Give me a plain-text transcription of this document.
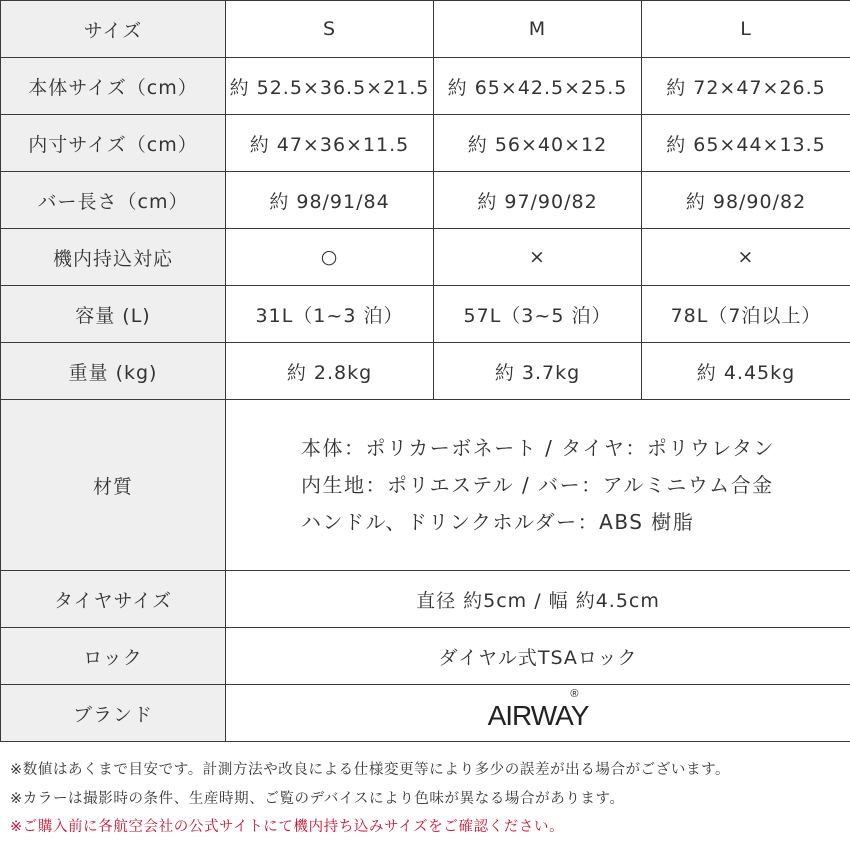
サイズ	S	M	L
本体サイズ（cm）	約 52.5×36.5×21.5	約 65×42.5×25.5	約 72×47×26.5
内寸サイズ（cm）	約 47×36×11.5	約 56×40×12	約 65×44×13.5
バー長さ（cm）	約 98/91/84	約 97/90/82	約 98/90/82
機内持込対応	○	×	×
容量 (L)	31L（1~3 泊）	57L（3~5 泊）	78L（7泊以上）
重量 (kg)	約 2.8kg	約 3.7kg	約 4.45kg
材質	本体：ポリカーボネート / タイヤ：ポリウレタン
内生地：ポリエステル / バー：アルミニウム合金
ハンドル、ドリンクホルダー：ABS 樹脂		

タイヤサイズ	直径 約5cm / 幅 約4.5cm		
ロック	ダイヤル式TSAロック		
ブランド	AIRWAY
®		
※数値はあくまで目安です。計測方法や改良による仕様変更等により多少の誤差が出る場合がございます。
※カラーは撮影時の条件、生産時期、ご覧のデバイスにより色味が異なる場合があります。
※ご購入前に各航空会社の公式サイトにて機内持ち込みサイズをご確認ください。
